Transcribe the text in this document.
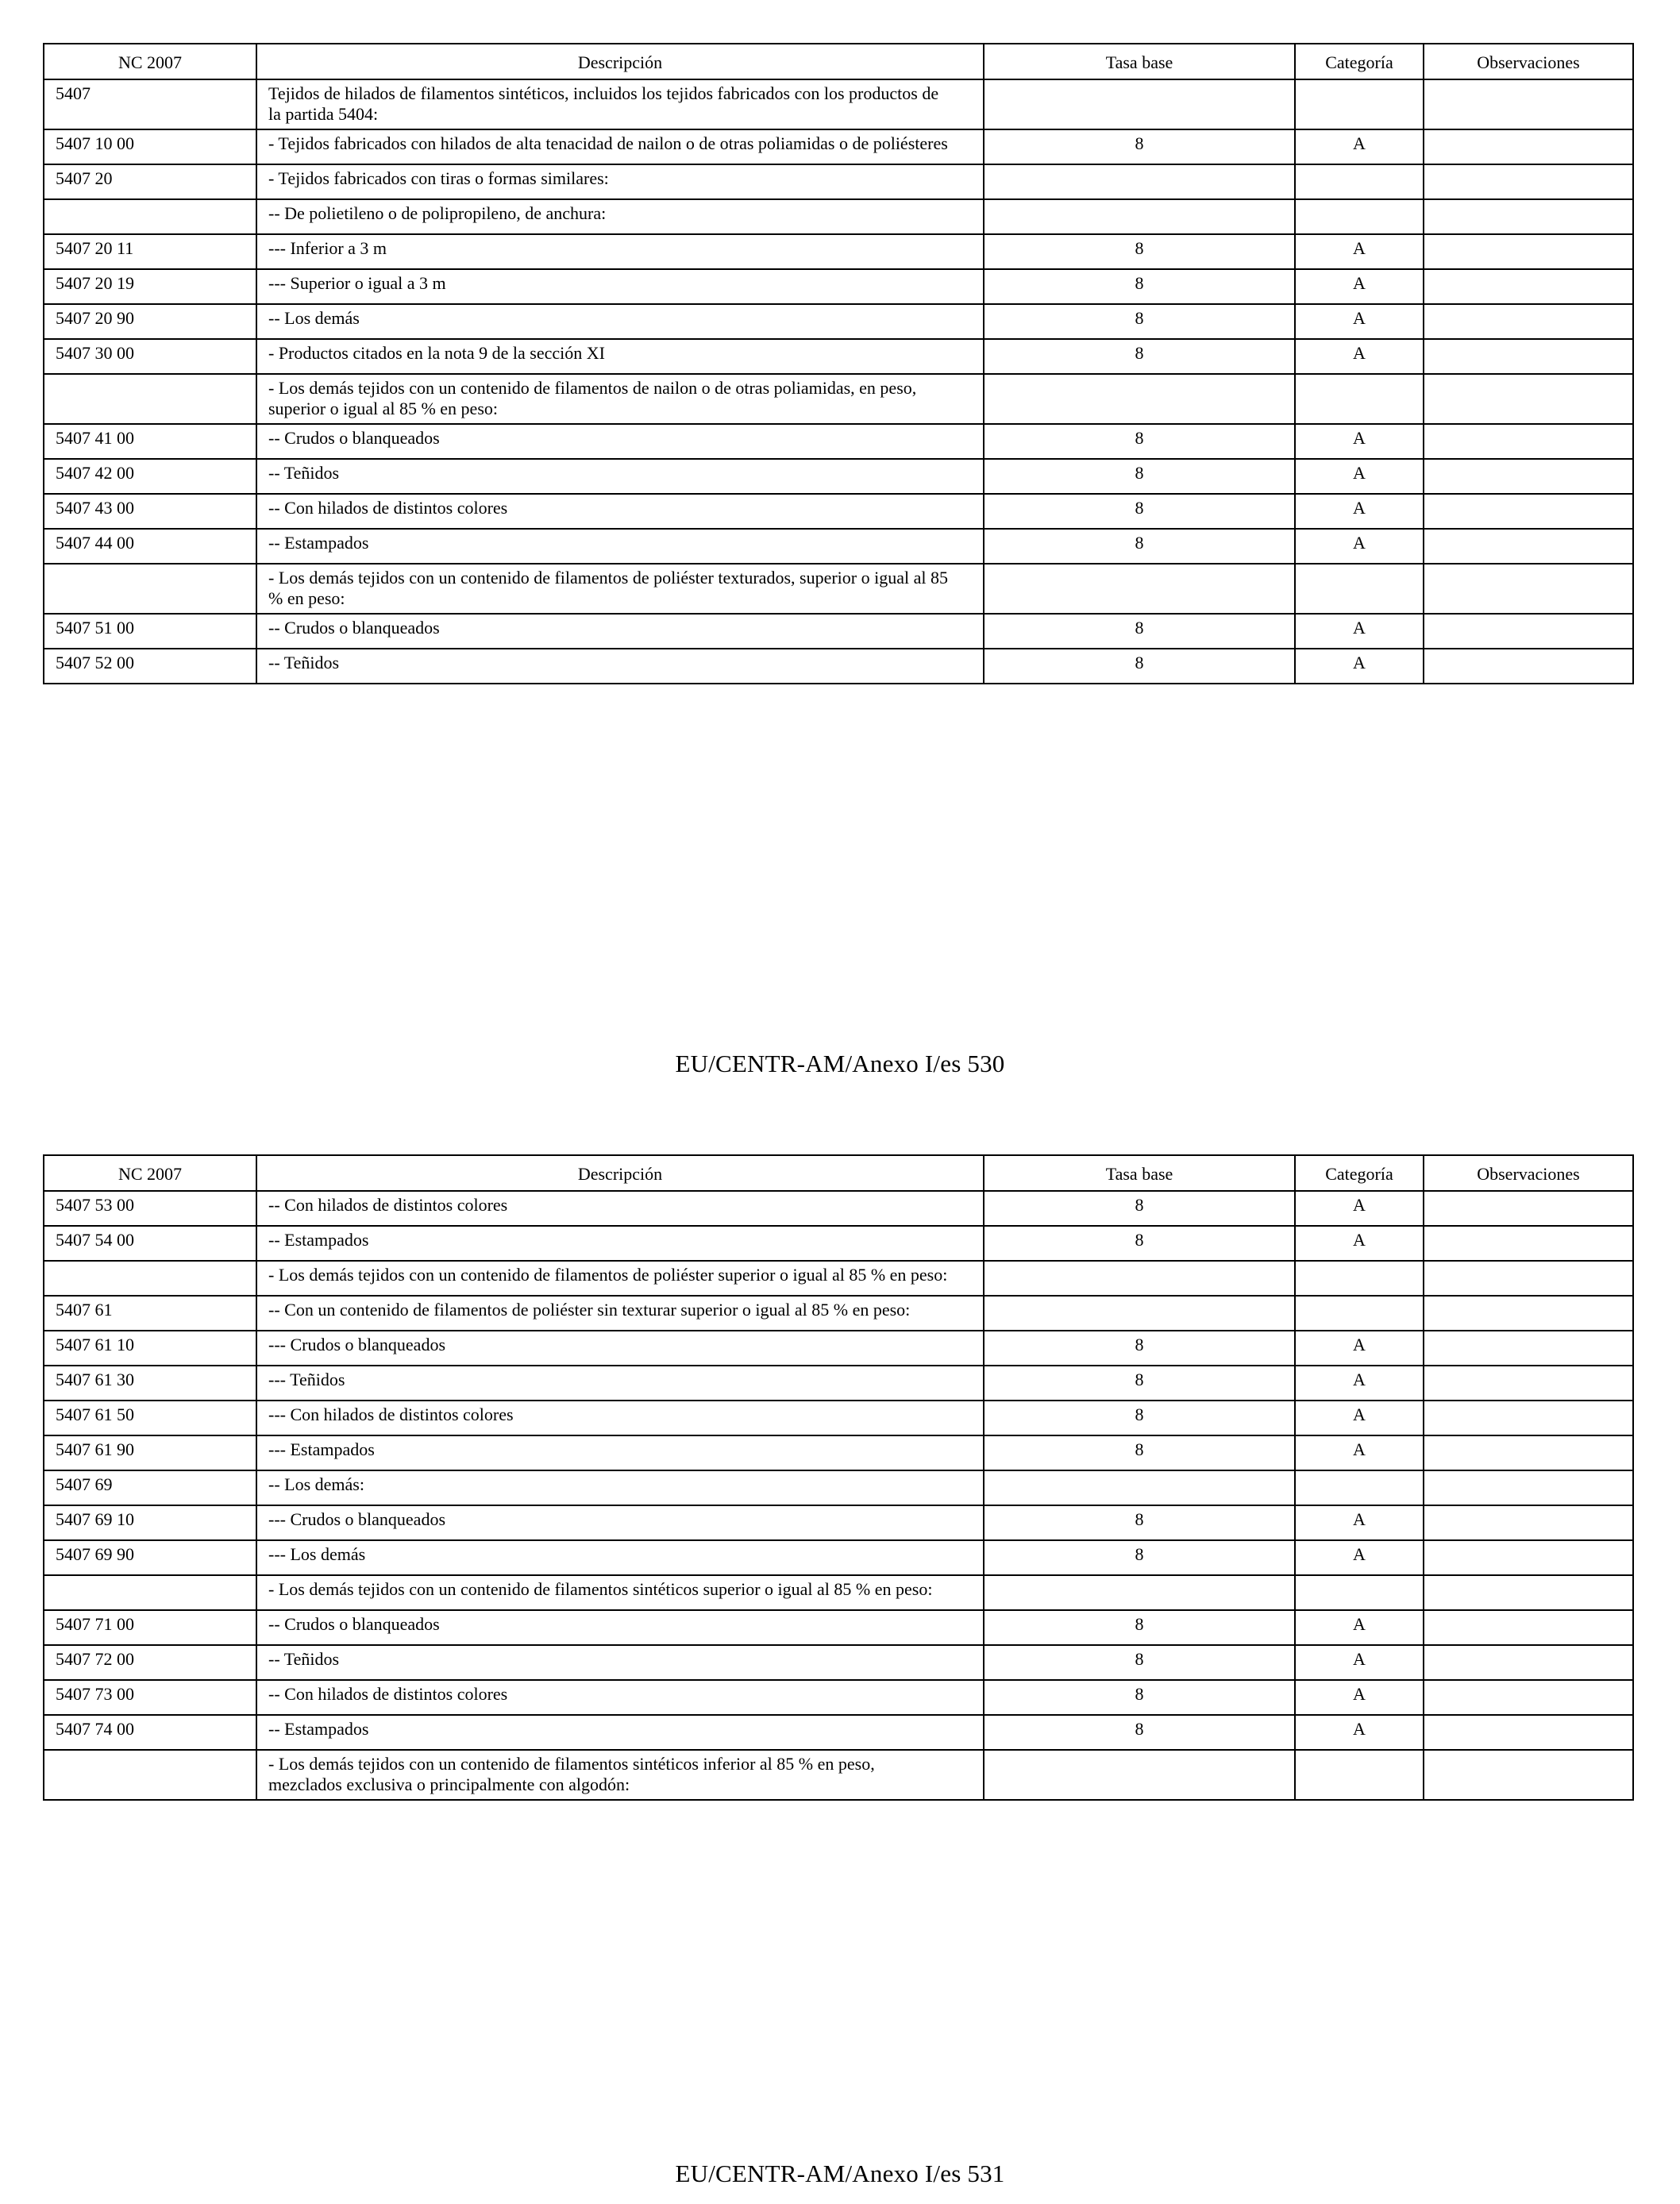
NC 2007	Descripción	Tasa base	Categoría	Observaciones
5407	Tejidos de hilados de filamentos sintéticos, incluidos los tejidos fabricados con los productos de la partida 5404:			
5407 10 00	- Tejidos fabricados con hilados de alta tenacidad de nailon o de otras poliamidas o de poliésteres	8	A	
5407 20	- Tejidos fabricados con tiras o formas similares:			
	-- De polietileno o de polipropileno, de anchura:			
5407 20 11	--- Inferior a 3 m	8	A	
5407 20 19	--- Superior o igual a 3 m	8	A	
5407 20 90	-- Los demás	8	A	
5407 30 00	- Productos citados en la nota 9 de la sección XI	8	A	
	- Los demás tejidos con un contenido de filamentos de nailon o de otras poliamidas, en peso, superior o igual al 85 % en peso:			
5407 41 00	-- Crudos o blanqueados	8	A	
5407 42 00	-- Teñidos	8	A	
5407 43 00	-- Con hilados de distintos colores	8	A	
5407 44 00	-- Estampados	8	A	
	- Los demás tejidos con un contenido de filamentos de poliéster texturados, superior o igual al 85 % en peso:			
5407 51 00	-- Crudos o blanqueados	8	A	
5407 52 00	-- Teñidos	8	A	
EU/CENTR-AM/Anexo I/es 530
NC 2007	Descripción	Tasa base	Categoría	Observaciones
5407 53 00	-- Con hilados de distintos colores	8	A	
5407 54 00	-- Estampados	8	A	
	- Los demás tejidos con un contenido de filamentos de poliéster superior o igual al 85 % en peso:			
5407 61	-- Con un contenido de filamentos de poliéster sin texturar superior o igual al 85 % en peso:			
5407 61 10	--- Crudos o blanqueados	8	A	
5407 61 30	--- Teñidos	8	A	
5407 61 50	--- Con hilados de distintos colores	8	A	
5407 61 90	--- Estampados	8	A	
5407 69	-- Los demás:			
5407 69 10	--- Crudos o blanqueados	8	A	
5407 69 90	--- Los demás	8	A	
	- Los demás tejidos con un contenido de filamentos sintéticos superior o igual al 85 % en peso:			
5407 71 00	-- Crudos o blanqueados	8	A	
5407 72 00	-- Teñidos	8	A	
5407 73 00	-- Con hilados de distintos colores	8	A	
5407 74 00	-- Estampados	8	A	
	- Los demás tejidos con un contenido de filamentos sintéticos inferior al 85 % en peso, mezclados exclusiva o principalmente con algodón:			
EU/CENTR-AM/Anexo I/es 531
